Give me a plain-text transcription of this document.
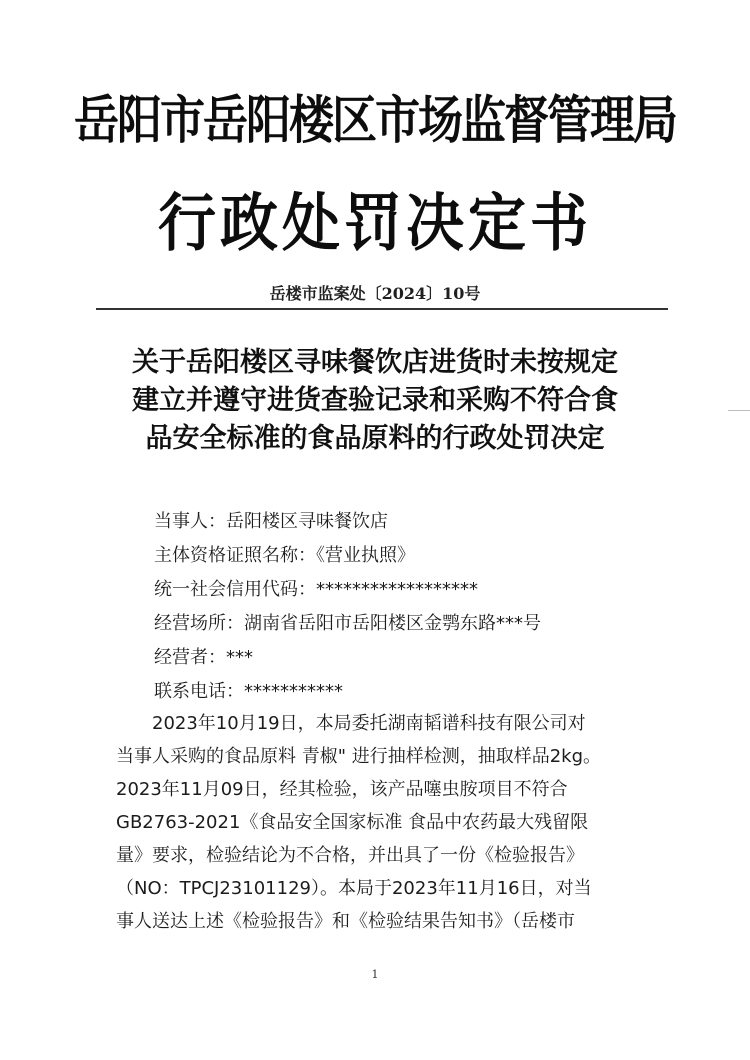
岳阳市岳阳楼区市场监督管理局
行政处罚决定书
岳楼市监案处〔2024〕10号
关于岳阳楼区寻味餐饮店进货时未按规定
建立并遵守进货查验记录和采购不符合食
品安全标准的食品原料的行政处罚决定
当事人：岳阳楼区寻味餐饮店
主体资格证照名称：《营业执照》
统一社会信用代码：******************
经营场所：湖南省岳阳市岳阳楼区金鹗东路***号
经营者：***
联系电话：***********
　　2023年10月19日，本局委托湖南韬谱科技有限公司对
当事人采购的食品原料 青椒" 进行抽样检测，抽取样品2kg。
2023年11月09日，经其检验，该产品噻虫胺项目不符合
GB2763-2021《食品安全国家标准 食品中农药最大残留限
量》要求，检验结论为不合格，并出具了一份《检验报告》
（NO：TPCJ23101129）。本局于2023年11月16日，对当
事人送达上述《检验报告》和《检验结果告知书》（岳楼市
1
